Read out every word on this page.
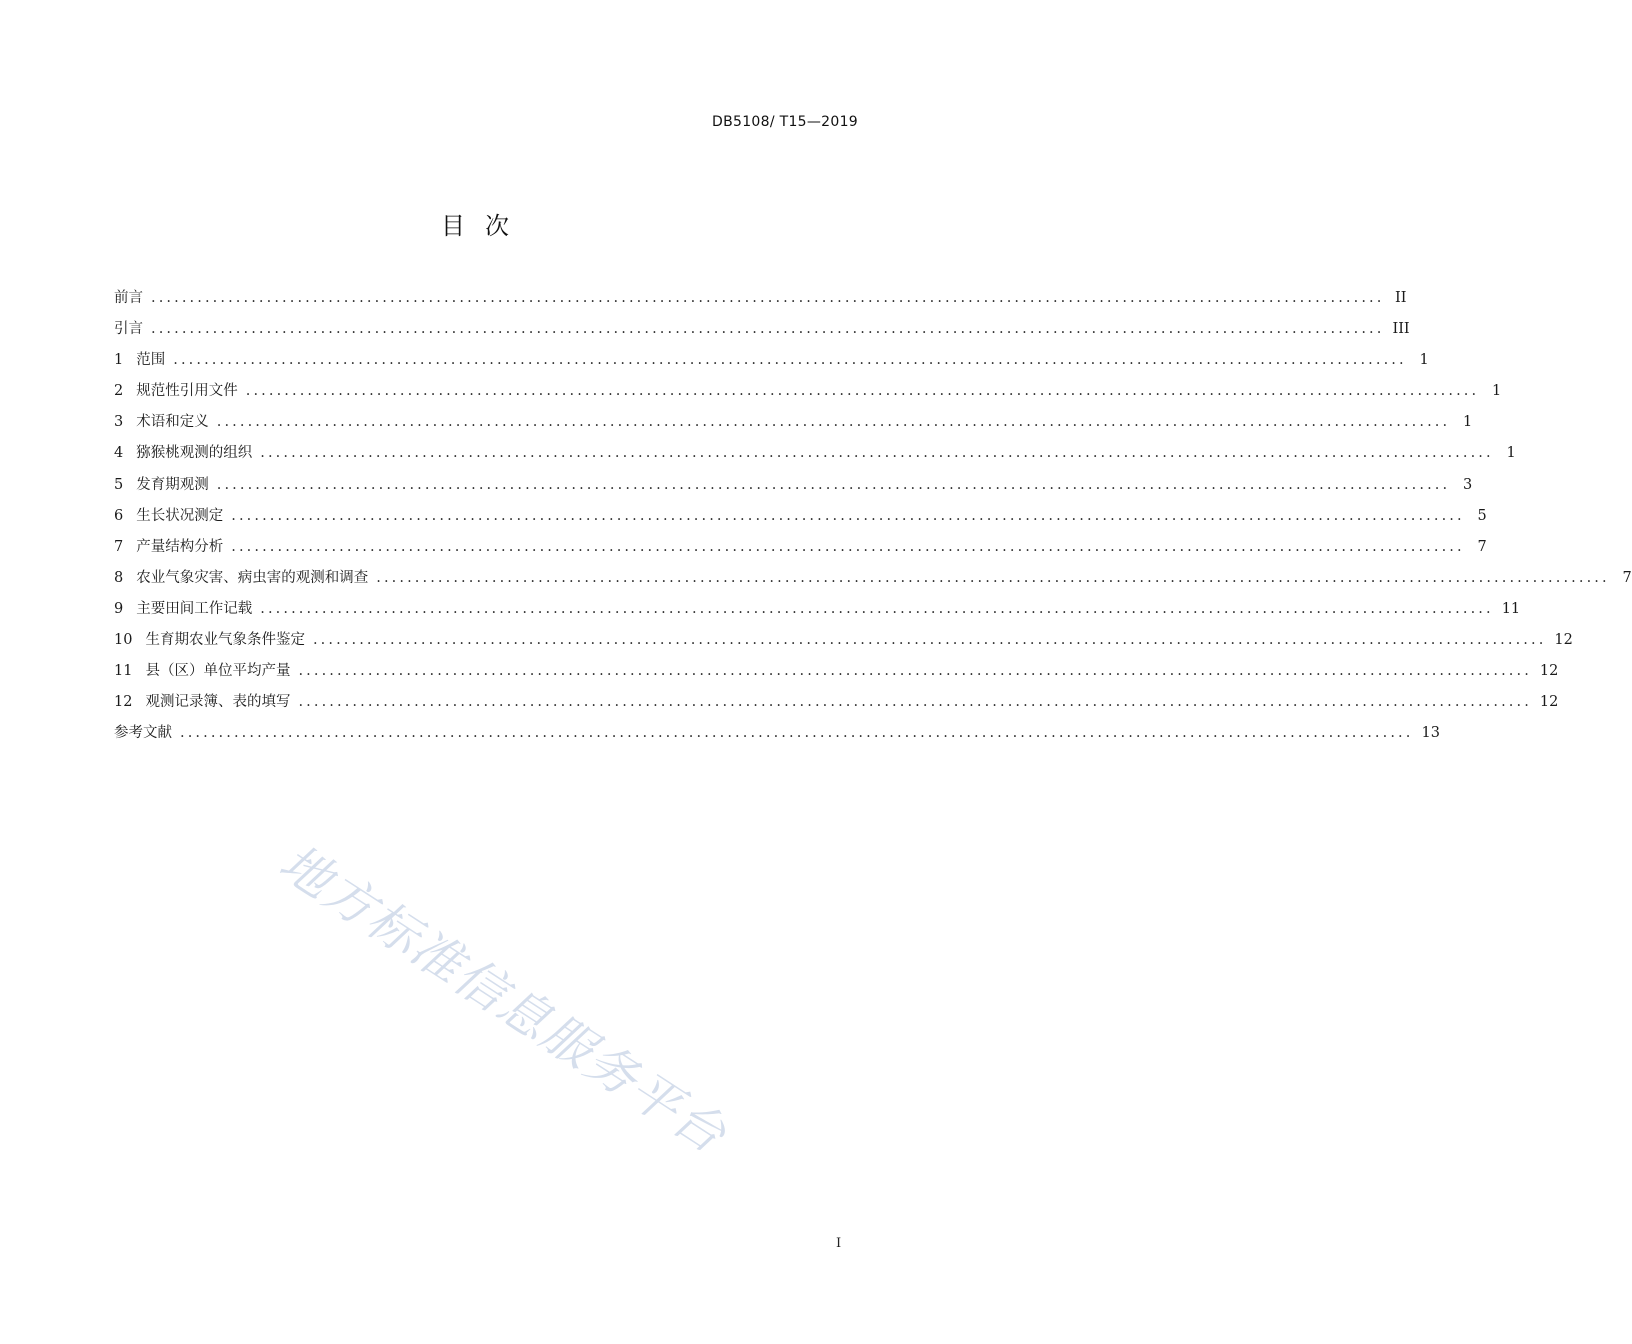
DB5108/ T15—2019
目次
前言 ................................................................................................................................................................ II
引言 ................................................................................................................................................................ III
1 范围 ................................................................................................................................................................ 1
2 规范性引用文件 ................................................................................................................................................................ 1
3 术语和定义 ................................................................................................................................................................ 1
4 猕猴桃观测的组织 ................................................................................................................................................................ 1
5 发育期观测 ................................................................................................................................................................ 3
6 生长状况测定 ................................................................................................................................................................ 5
7 产量结构分析 ................................................................................................................................................................ 7
8 农业气象灾害、病虫害的观测和调查 ................................................................................................................................................................ 7
9 主要田间工作记载 ................................................................................................................................................................ 11
10 生育期农业气象条件鉴定 ................................................................................................................................................................ 12
11 县（区）单位平均产量 ................................................................................................................................................................ 12
12 观测记录簿、表的填写 ................................................................................................................................................................ 12
参考文献 ................................................................................................................................................................ 13
地方标准信息服务平台
I
